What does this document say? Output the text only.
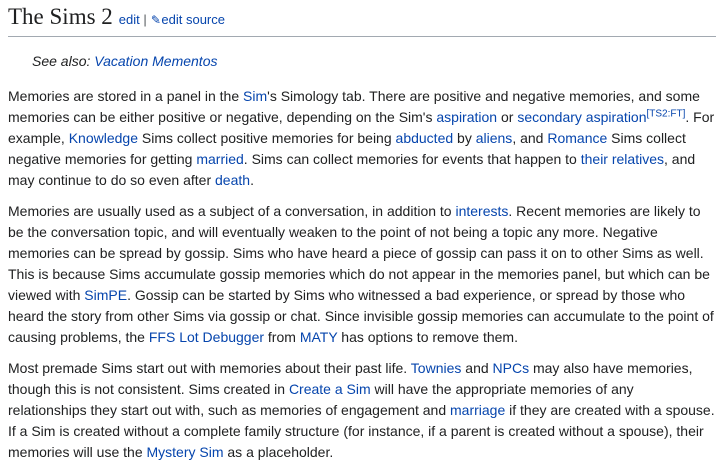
The Sims 2 edit | ✎edit source
See also: Vacation Mementos

Memories are stored in a panel in the Sim's Simology tab. There are positive and negative memories, and some memories can be either positive or negative, depending on the Sim's aspiration or secondary aspiration[TS2:FT]. For example, Knowledge Sims collect positive memories for being abducted by aliens, and Romance Sims collect negative memories for getting married. Sims can collect memories for events that happen to their relatives, and may continue to do so even after death.

Memories are usually used as a subject of a conversation, in addition to interests. Recent memories are likely to be the conversation topic, and will eventually weaken to the point of not being a topic any more. Negative memories can be spread by gossip. Sims who have heard a piece of gossip can pass it on to other Sims as well. This is because Sims accumulate gossip memories which do not appear in the memories panel, but which can be viewed with SimPE. Gossip can be started by Sims who witnessed a bad experience, or spread by those who heard the story from other Sims via gossip or chat. Since invisible gossip memories can accumulate to the point of causing problems, the FFS Lot Debugger from MATY has options to remove them.

Most premade Sims start out with memories about their past life. Townies and NPCs may also have memories, though this is not consistent. Sims created in Create a Sim will have the appropriate memories of any relationships they start out with, such as memories of engagement and marriage if they are created with a spouse. If a Sim is created without a complete family structure (for instance, if a parent is created without a spouse), their memories will use the Mystery Sim as a placeholder.
